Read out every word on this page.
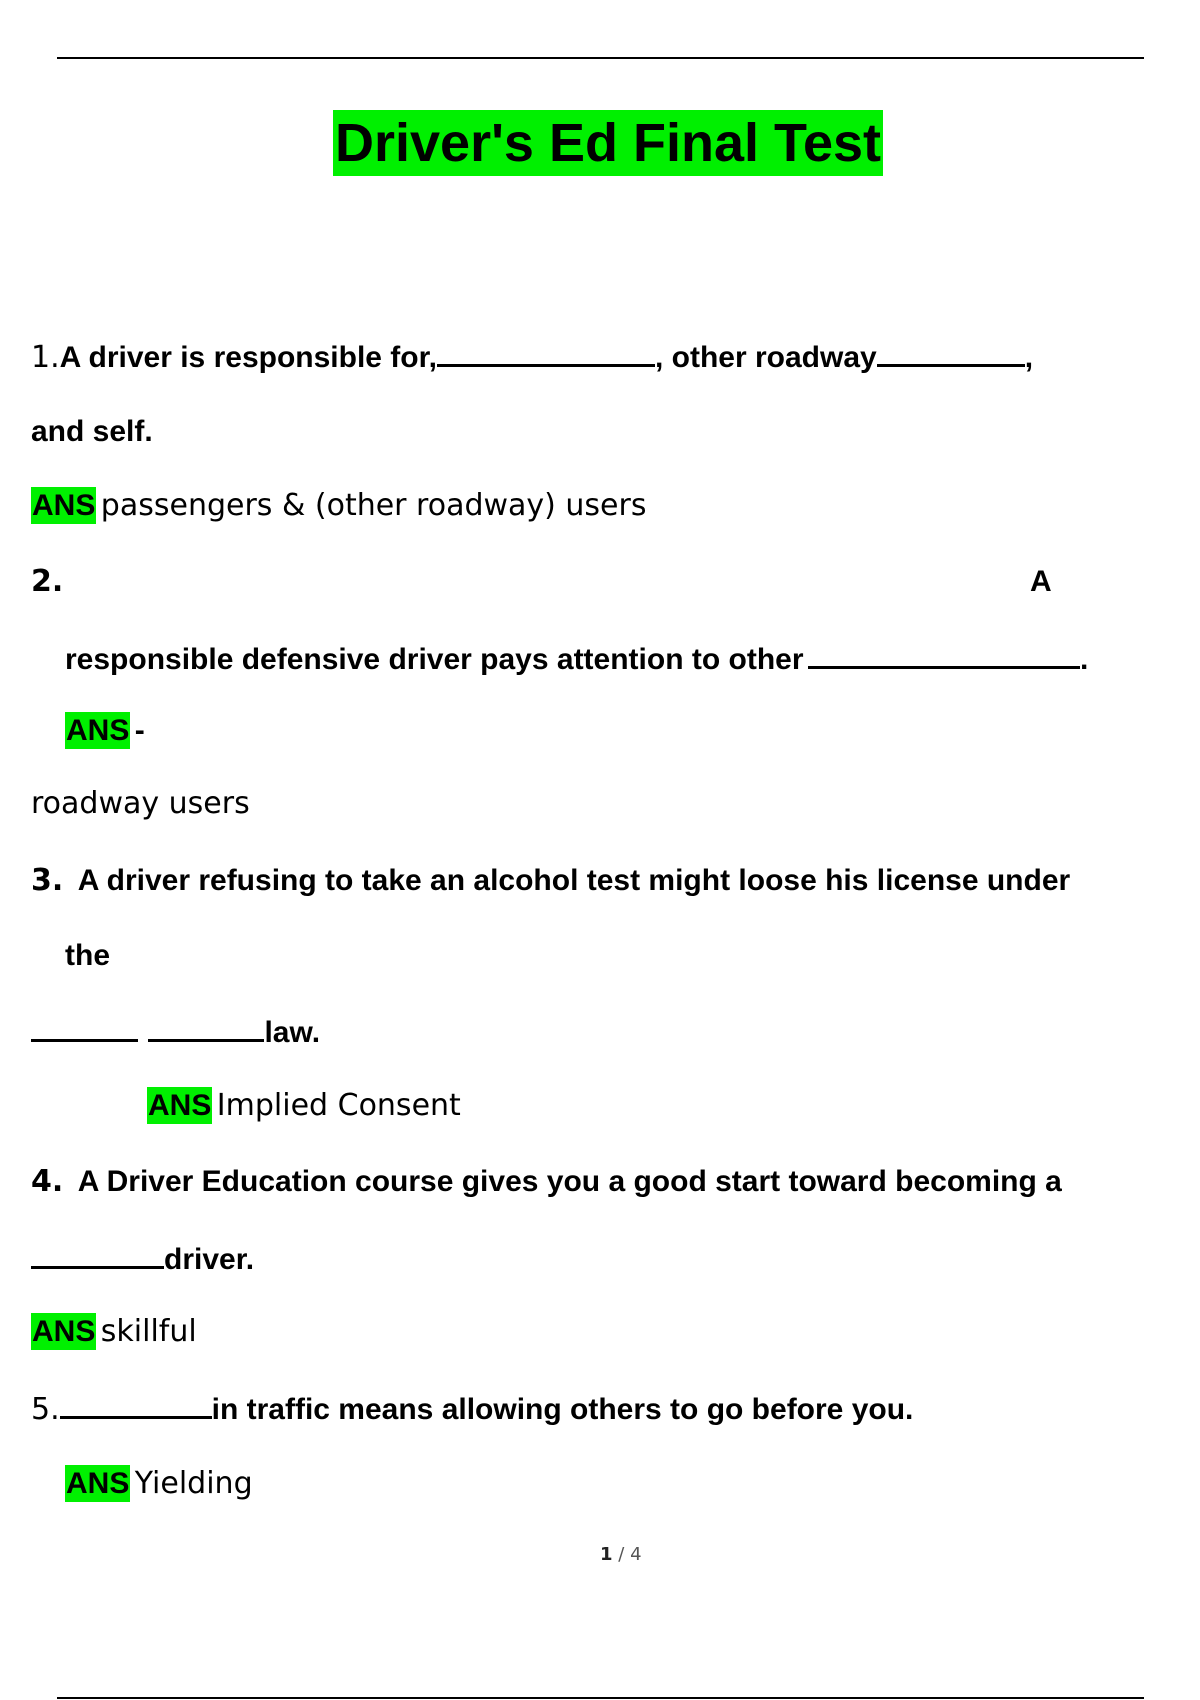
Driver's Ed Final Test
1.A driver is responsible for,	, other roadway	,
and self.
ANS passengers & (other roadway) users
2.	A
responsible defensive driver pays attention to other	.
ANS -
roadway users
3. A driver refusing to take an alcohol test might loose his license under
the
law.
ANS Implied Consent
4. A Driver Education course gives you a good start toward becoming a
driver.
ANS skillful
5.	in traffic means allowing others to go before you.
ANS Yielding
1 / 4
